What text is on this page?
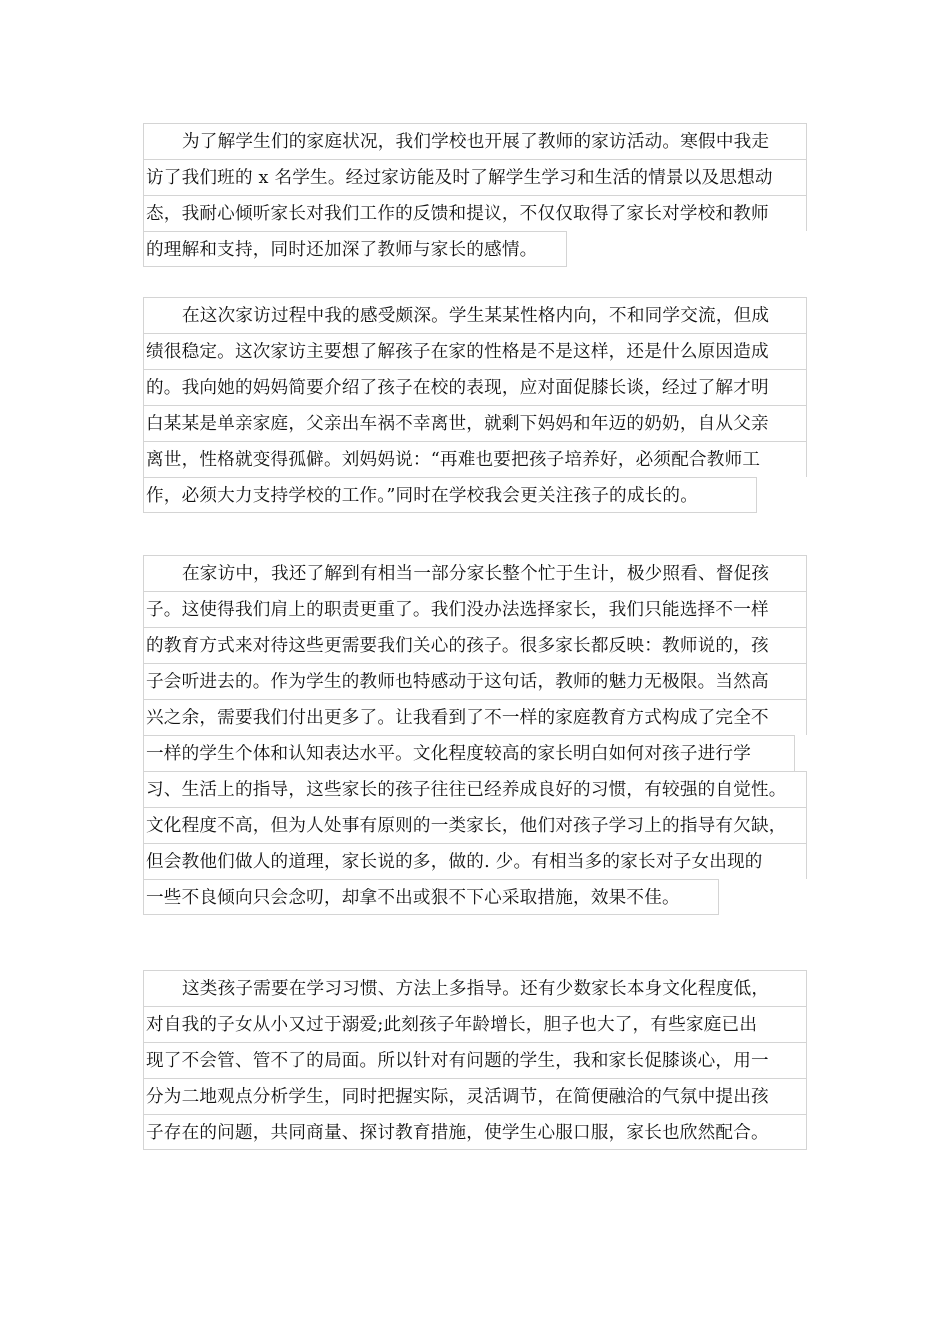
为了解学生们的家庭状况，我们学校也开展了教师的家访活动。寒假中我走
访了我们班的 x 名学生。经过家访能及时了解学生学习和生活的情景以及思想动
态，我耐心倾听家长对我们工作的反馈和提议，不仅仅取得了家长对学校和教师
的理解和支持，同时还加深了教师与家长的感情。
在这次家访过程中我的感受颇深。学生某某性格内向，不和同学交流，但成
绩很稳定。这次家访主要想了解孩子在家的性格是不是这样，还是什么原因造成
的。我向她的妈妈简要介绍了孩子在校的表现，应对面促膝长谈，经过了解才明
白某某是单亲家庭，父亲出车祸不幸离世，就剩下妈妈和年迈的奶奶，自从父亲
离世，性格就变得孤僻。刘妈妈说：“再难也要把孩子培养好，必须配合教师工
作，必须大力支持学校的工作。”同时在学校我会更关注孩子的成长的。
在家访中，我还了解到有相当一部分家长整个忙于生计，极少照看、督促孩
子。这使得我们肩上的职责更重了。我们没办法选择家长，我们只能选择不一样
的教育方式来对待这些更需要我们关心的孩子。很多家长都反映：教师说的，孩
子会听进去的。作为学生的教师也特感动于这句话，教师的魅力无极限。当然高
兴之余，需要我们付出更多了。让我看到了不一样的家庭教育方式构成了完全不
一样的学生个体和认知表达水平。文化程度较高的家长明白如何对孩子进行学
习、生活上的指导，这些家长的孩子往往已经养成良好的习惯，有较强的自觉性。
文化程度不高，但为人处事有原则的一类家长，他们对孩子学习上的指导有欠缺，
但会教他们做人的道理，家长说的多，做的. 少。有相当多的家长对子女出现的
一些不良倾向只会念叨，却拿不出或狠不下心采取措施，效果不佳。
这类孩子需要在学习习惯、方法上多指导。还有少数家长本身文化程度低，
对自我的子女从小又过于溺爱;此刻孩子年龄增长，胆子也大了，有些家庭已出
现了不会管、管不了的局面。所以针对有问题的学生，我和家长促膝谈心，用一
分为二地观点分析学生，同时把握实际，灵活调节，在简便融洽的气氛中提出孩
子存在的问题，共同商量、探讨教育措施，使学生心服口服，家长也欣然配合。
